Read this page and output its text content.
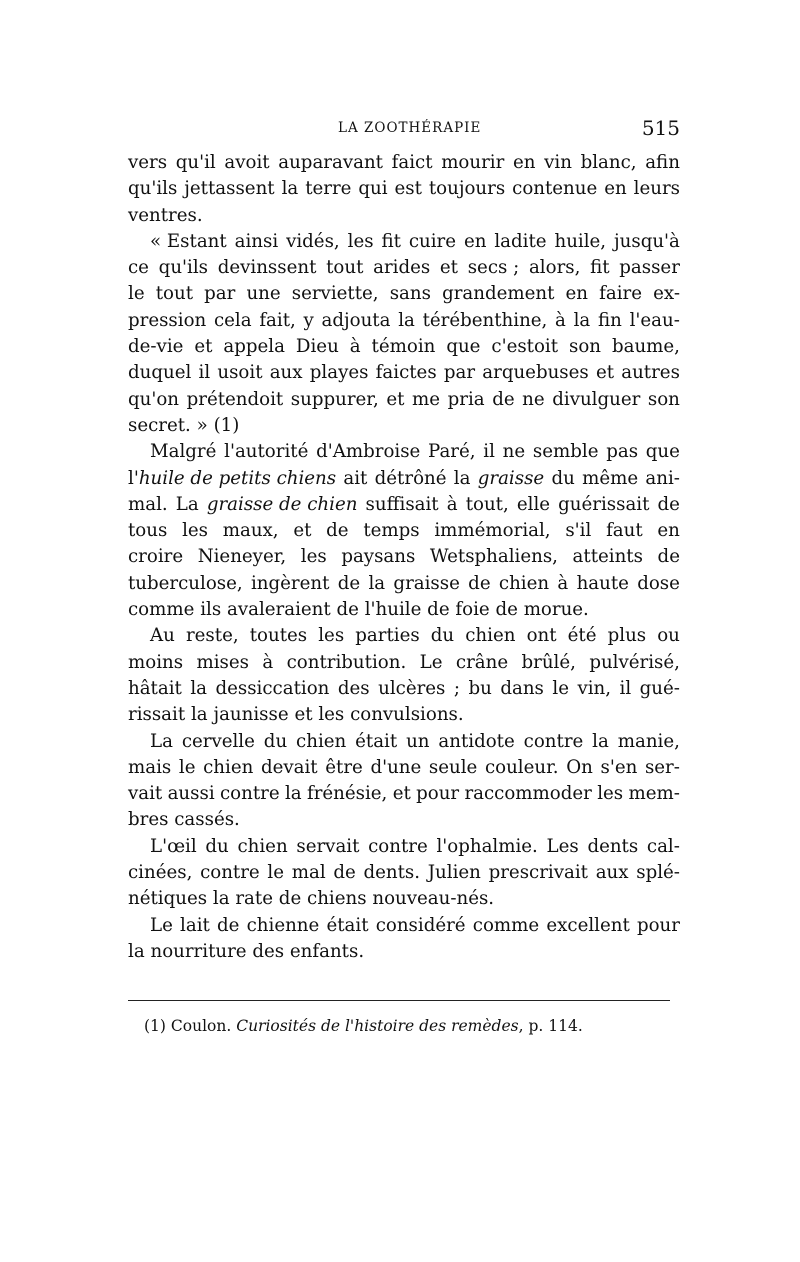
LA ZOOTHÉRAPIE	515
vers qu'il avoit auparavant faict mourir en vin blanc, afin
qu'ils jettassent la terre qui est toujours contenue en leurs
ventres.
« Estant ainsi vidés, les fit cuire en ladite huile, jusqu'à
ce qu'ils devinssent tout arides et secs ; alors, fit passer
le tout par une serviette, sans grandement en faire ex-
pression cela fait, y adjouta la térébenthine, à la fin l'eau-
de-vie et appela Dieu à témoin que c'estoit son baume,
duquel il usoit aux playes faictes par arquebuses et autres
qu'on prétendoit suppurer, et me pria de ne divulguer son
secret. » (1)
Malgré l'autorité d'Ambroise Paré, il ne semble pas que
l'huile de petits chiens ait détrôné la graisse du même ani-
mal. La graisse de chien suffisait à tout, elle guérissait de
tous les maux, et de temps immémorial, s'il faut en
croire Nieneyer, les paysans Wetsphaliens, atteints de
tuberculose, ingèrent de la graisse de chien à haute dose
comme ils avaleraient de l'huile de foie de morue.
Au reste, toutes les parties du chien ont été plus ou
moins mises à contribution. Le crâne brûlé, pulvérisé,
hâtait la dessiccation des ulcères ; bu dans le vin, il gué-
rissait la jaunisse et les convulsions.
La cervelle du chien était un antidote contre la manie,
mais le chien devait être d'une seule couleur. On s'en ser-
vait aussi contre la frénésie, et pour raccommoder les mem-
bres cassés.
L'œil du chien servait contre l'ophalmie. Les dents cal-
cinées, contre le mal de dents. Julien prescrivait aux splé-
nétiques la rate de chiens nouveau-nés.
Le lait de chienne était considéré comme excellent pour
la nourriture des enfants.
(1) Coulon. Curiosités de l'histoire des remèdes, p. 114.
